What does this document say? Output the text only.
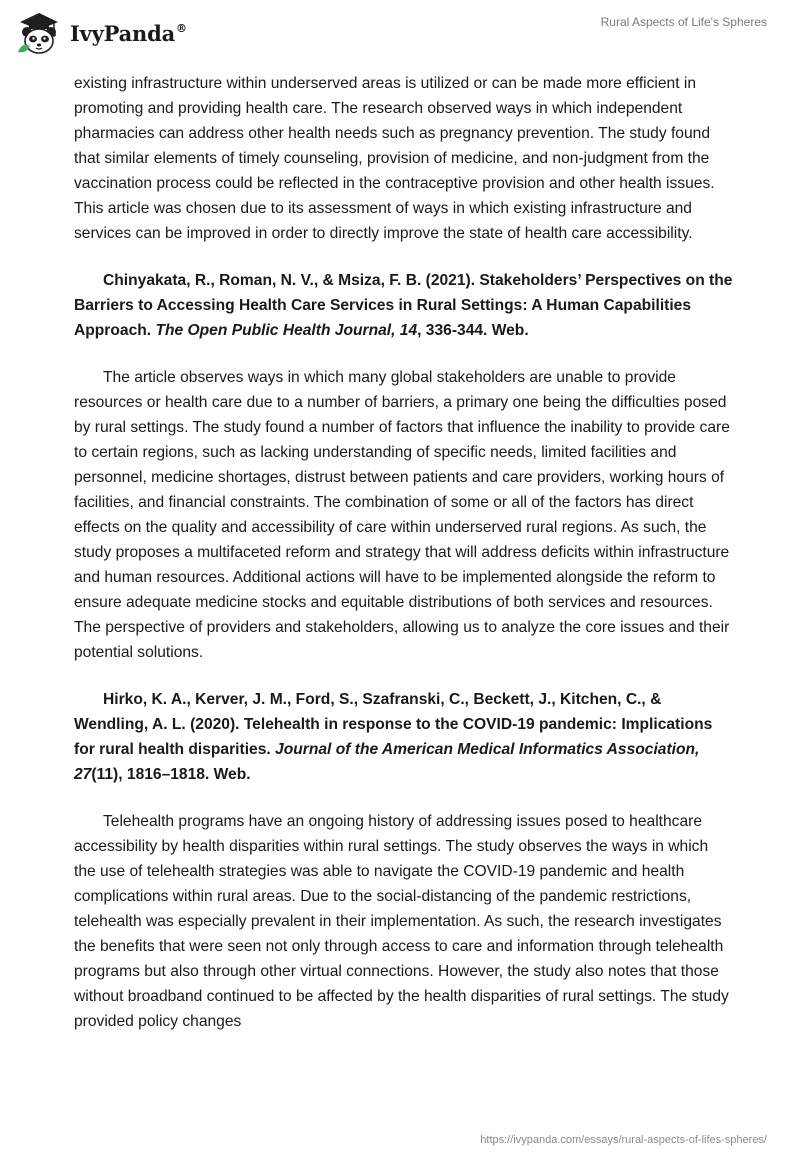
IvyPanda®	Rural Aspects of Life's Spheres

existing infrastructure within underserved areas is utilized or can be made more efficient in promoting and providing health care. The research observed ways in which independent pharmacies can address other health needs such as pregnancy prevention. The study found that similar elements of timely counseling, provision of medicine, and non-judgment from the vaccination process could be reflected in the contraceptive provision and other health issues. This article was chosen due to its assessment of ways in which existing infrastructure and services can be improved in order to directly improve the state of health care accessibility.

Chinyakata, R., Roman, N. V., & Msiza, F. B. (2021). Stakeholders’ Perspectives on the Barriers to Accessing Health Care Services in Rural Settings: A Human Capabilities Approach. The Open Public Health Journal, 14, 336-344. Web.

The article observes ways in which many global stakeholders are unable to provide resources or health care due to a number of barriers, a primary one being the difficulties posed by rural settings. The study found a number of factors that influence the inability to provide care to certain regions, such as lacking understanding of specific needs, limited facilities and personnel, medicine shortages, distrust between patients and care providers, working hours of facilities, and financial constraints. The combination of some or all of the factors has direct effects on the quality and accessibility of care within underserved rural regions. As such, the study proposes a multifaceted reform and strategy that will address deficits within infrastructure and human resources. Additional actions will have to be implemented alongside the reform to ensure adequate medicine stocks and equitable distributions of both services and resources. The perspective of providers and stakeholders, allowing us to analyze the core issues and their potential solutions.

Hirko, K. A., Kerver, J. M., Ford, S., Szafranski, C., Beckett, J., Kitchen, C., & Wendling, A. L. (2020). Telehealth in response to the COVID-19 pandemic: Implications for rural health disparities. Journal of the American Medical Informatics Association, 27(11), 1816–1818. Web.

Telehealth programs have an ongoing history of addressing issues posed to healthcare accessibility by health disparities within rural settings. The study observes the ways in which the use of telehealth strategies was able to navigate the COVID-19 pandemic and health complications within rural areas. Due to the social-distancing of the pandemic restrictions, telehealth was especially prevalent in their implementation. As such, the research investigates the benefits that were seen not only through access to care and information through telehealth programs but also through other virtual connections. However, the study also notes that those without broadband continued to be affected by the health disparities of rural settings. The study provided policy changes

https://ivypanda.com/essays/rural-aspects-of-lifes-spheres/
